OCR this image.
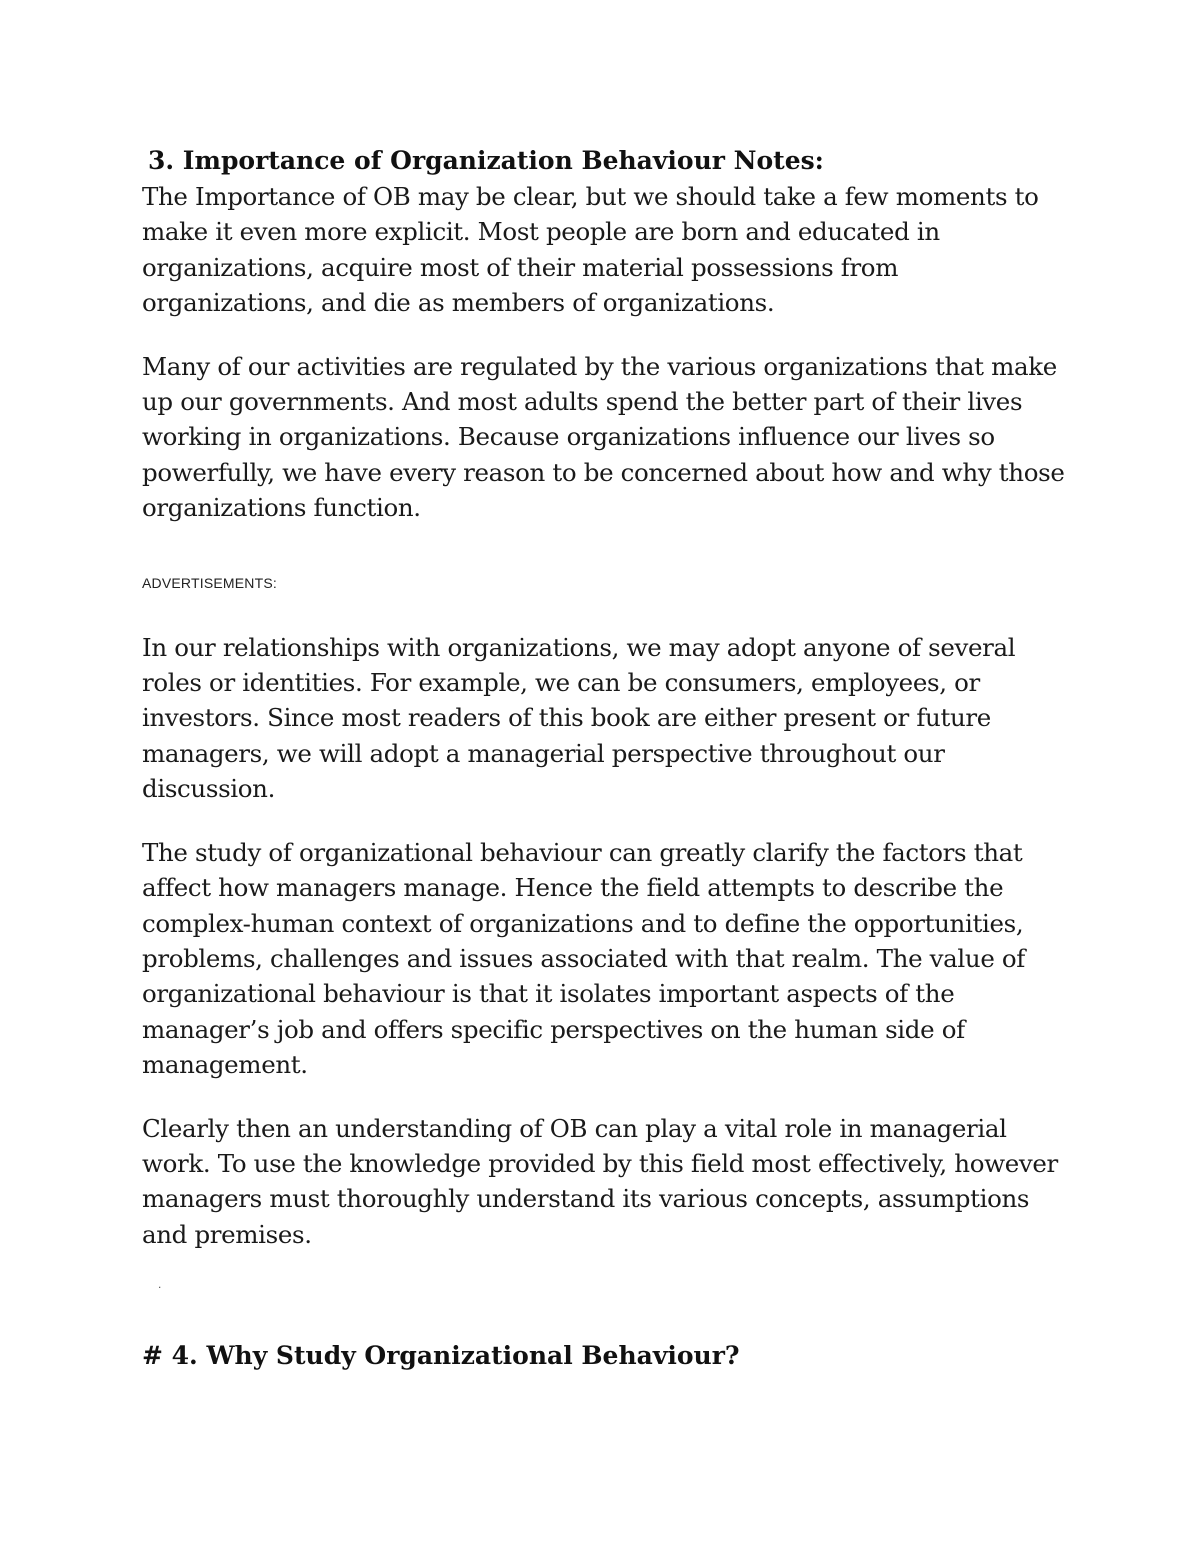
3. Importance of Organization Behaviour Notes:

The Importance of OB may be clear, but we should take a few moments to make it even more explicit. Most people are born and educated in organizations, acquire most of their material possessions from organizations, and die as members of organizations.

Many of our activities are regulated by the various organizations that make up our governments. And most adults spend the better part of their lives working in organizations. Because organizations influence our lives so powerfully, we have every reason to be concerned about how and why those organizations function.

ADVERTISEMENTS:

In our relationships with organizations, we may adopt anyone of several roles or identities. For example, we can be consumers, employees, or investors. Since most readers of this book are either present or future managers, we will adopt a managerial perspective throughout our discussion.

The study of organizational behaviour can greatly clarify the factors that affect how managers manage. Hence the field attempts to describe the complex-human context of organizations and to define the opportunities, problems, challenges and issues associated with that realm. The value of organizational behaviour is that it isolates important aspects of the manager’s job and offers specific perspectives on the human side of management.

Clearly then an understanding of OB can play a vital role in managerial work. To use the knowledge provided by this field most effectively, however managers must thoroughly understand its various concepts, assumptions and premises.

.
# 4. Why Study Organizational Behaviour?
